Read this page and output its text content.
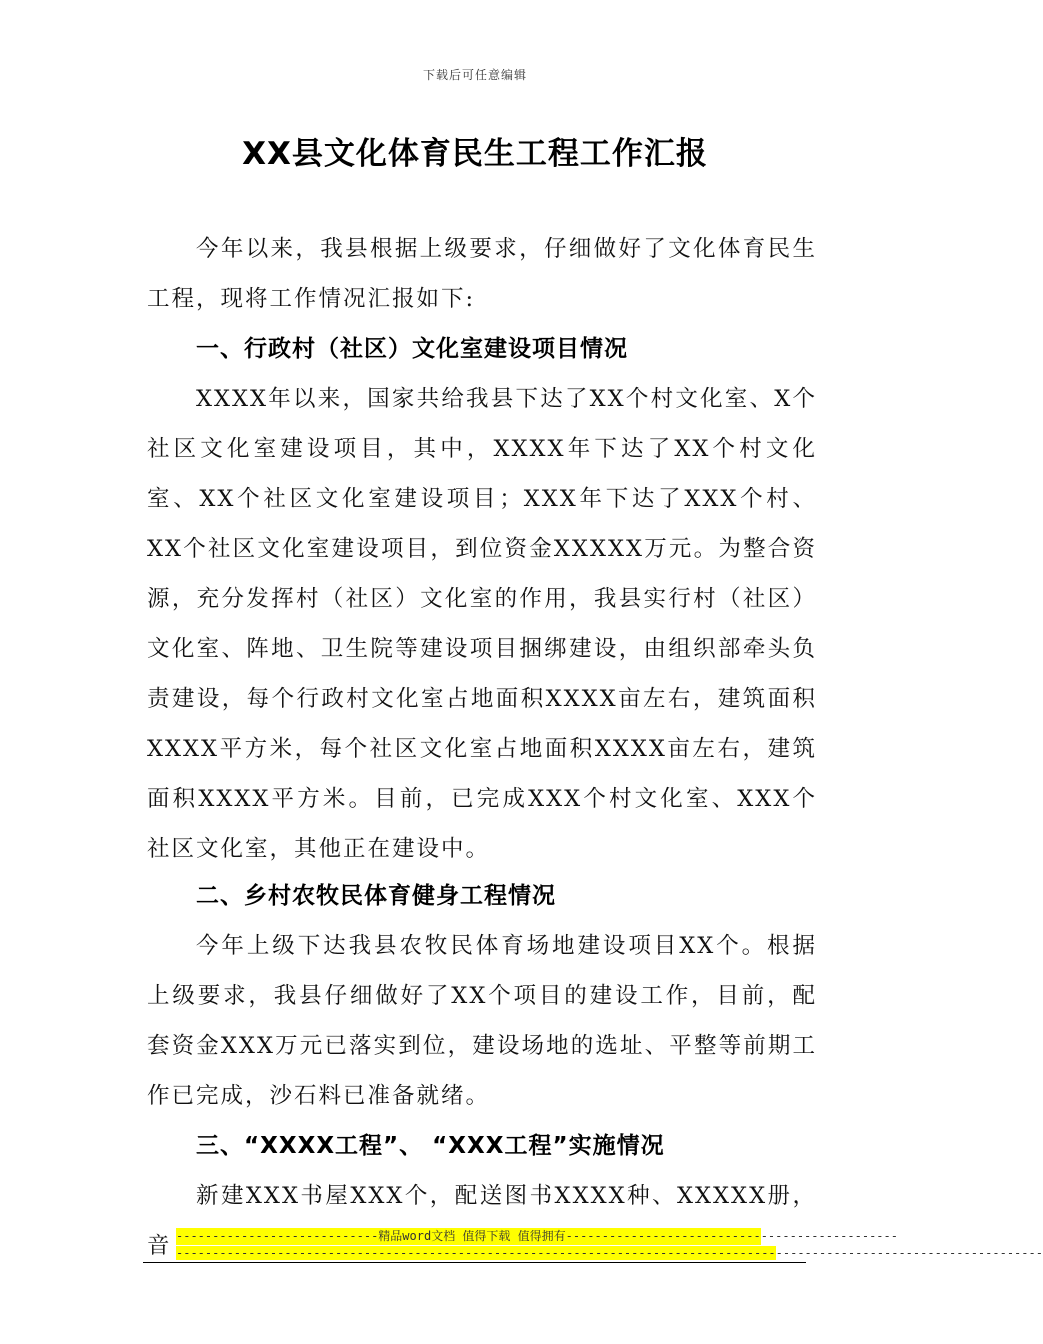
下载后可任意编辑
XX县文化体育民生工程工作汇报

今年以来，我县根据上级要求，仔细做好了文化体育民生工程，现将工作情况汇报如下:

一、行政村（社区）文化室建设项目情况

XXXX年以来，国家共给我县下达了XX个村文化室、X个社区文化室建设项目，其中，XXXX年下达了XX个村文化室、XX个社区文化室建设项目；XXX年下达了XXX个村、XX个社区文化室建设项目，到位资金XXXXX万元。为整合资源，充分发挥村（社区）文化室的作用，我县实行村（社区）文化室、阵地、卫生院等建设项目捆绑建设，由组织部牵头负责建设，每个行政村文化室占地面积XXXX亩左右，建筑面积XXXX平方米，每个社区文化室占地面积XXXX亩左右，建筑面积XXXX平方米。目前，已完成XXX个村文化室、XXX个社区文化室，其他正在建设中。

二、乡村农牧民体育健身工程情况

今年上级下达我县农牧民体育场地建设项目XX个。根据上级要求，我县仔细做好了XX个项目的建设工作，目前，配套资金XXX万元已落实到位，建设场地的选址、平整等前期工作已完成，沙石料已准备就绪。

三、“XXXX工程”、 “XXX工程”实施情况

新建XXX书屋XXX个，配送图书XXXX种、XXXXX册，音 ----------------------------精品word文档 值得下载 值得拥有----------------------------------------------
------------------------------------------------------------------------------------------------------------------------
